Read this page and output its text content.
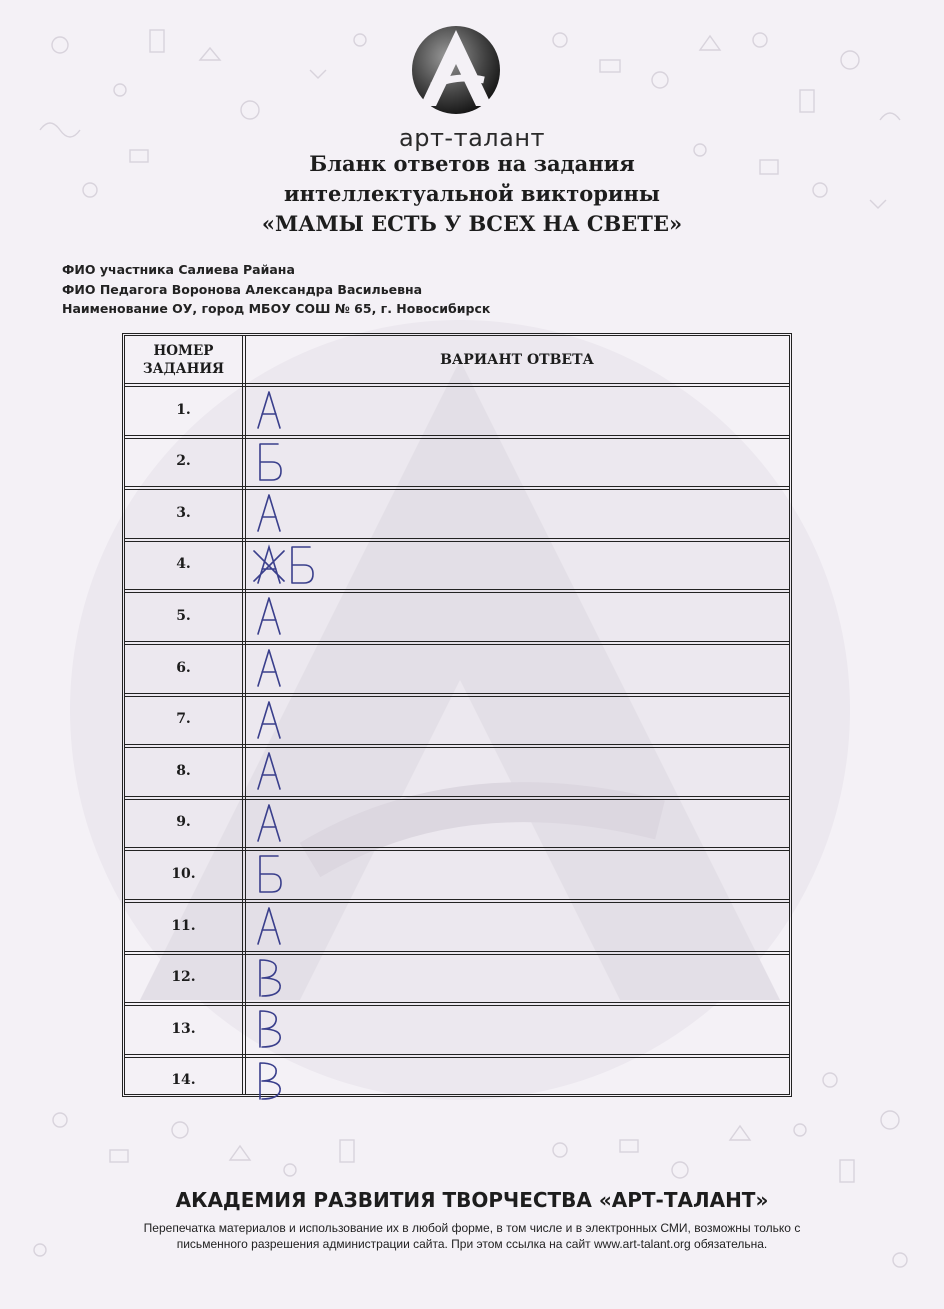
арт-талант
Бланк ответов на задания
интеллектуальной викторины
«МАМЫ ЕСТЬ У ВСЕХ НА СВЕТЕ»
ФИО участника Салиева Райана
ФИО Педагога Воронова Александра Васильевна
Наименование ОУ, город МБОУ СОШ № 65, г. Новосибирск
НОМЕР ЗАДАНИЯ
ВАРИАНТ ОТВЕТА
1.
2.
3.
4.
5.
6.
7.
8.
9.
10.
11.
12.
13.
14.
АКАДЕМИЯ РАЗВИТИЯ ТВОРЧЕСТВА «АРТ-ТАЛАНТ»
Перепечатка материалов и использование их в любой форме, в том числе и в электронных СМИ, возможны только с
письменного разрешения администрации сайта. При этом ссылка на сайт www.art-talant.org обязательна.
